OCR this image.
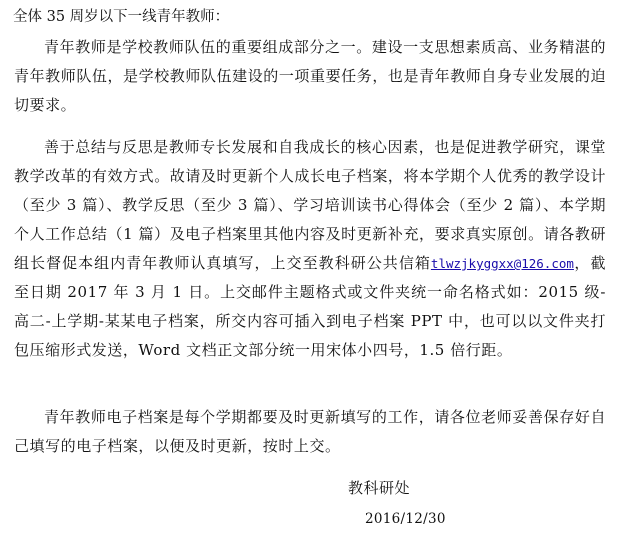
全体 35 周岁以下一线青年教师：

青年教师是学校教师队伍的重要组成部分之一。建设一支思想素质高、业务精湛的青年教师队伍，是学校教师队伍建设的一项重要任务，也是青年教师自身专业发展的迫切要求。

善于总结与反思是教师专长发展和自我成长的核心因素，也是促进教学研究，课堂教学改革的有效方式。故请及时更新个人成长电子档案，将本学期个人优秀的教学设计（至少 3 篇）、教学反思（至少 3 篇）、学习培训读书心得体会（至少 2 篇）、本学期个人工作总结（1 篇）及电子档案里其他内容及时更新补充，要求真实原创。请各教研组长督促本组内青年教师认真填写，上交至教科研公共信箱tlwzjkyggxx@126.com，截至日期 2017 年 3 月 1 日。上交邮件主题格式或文件夹统一命名格式如：2015 级-高二-上学期-某某电子档案，所交内容可插入到电子档案 PPT 中，也可以以文件夹打包压缩形式发送，Word 文档正文部分统一用宋体小四号，1.5 倍行距。

青年教师电子档案是每个学期都要及时更新填写的工作，请各位老师妥善保存好自己填写的电子档案，以便及时更新，按时上交。

教科研处
2016/12/30
